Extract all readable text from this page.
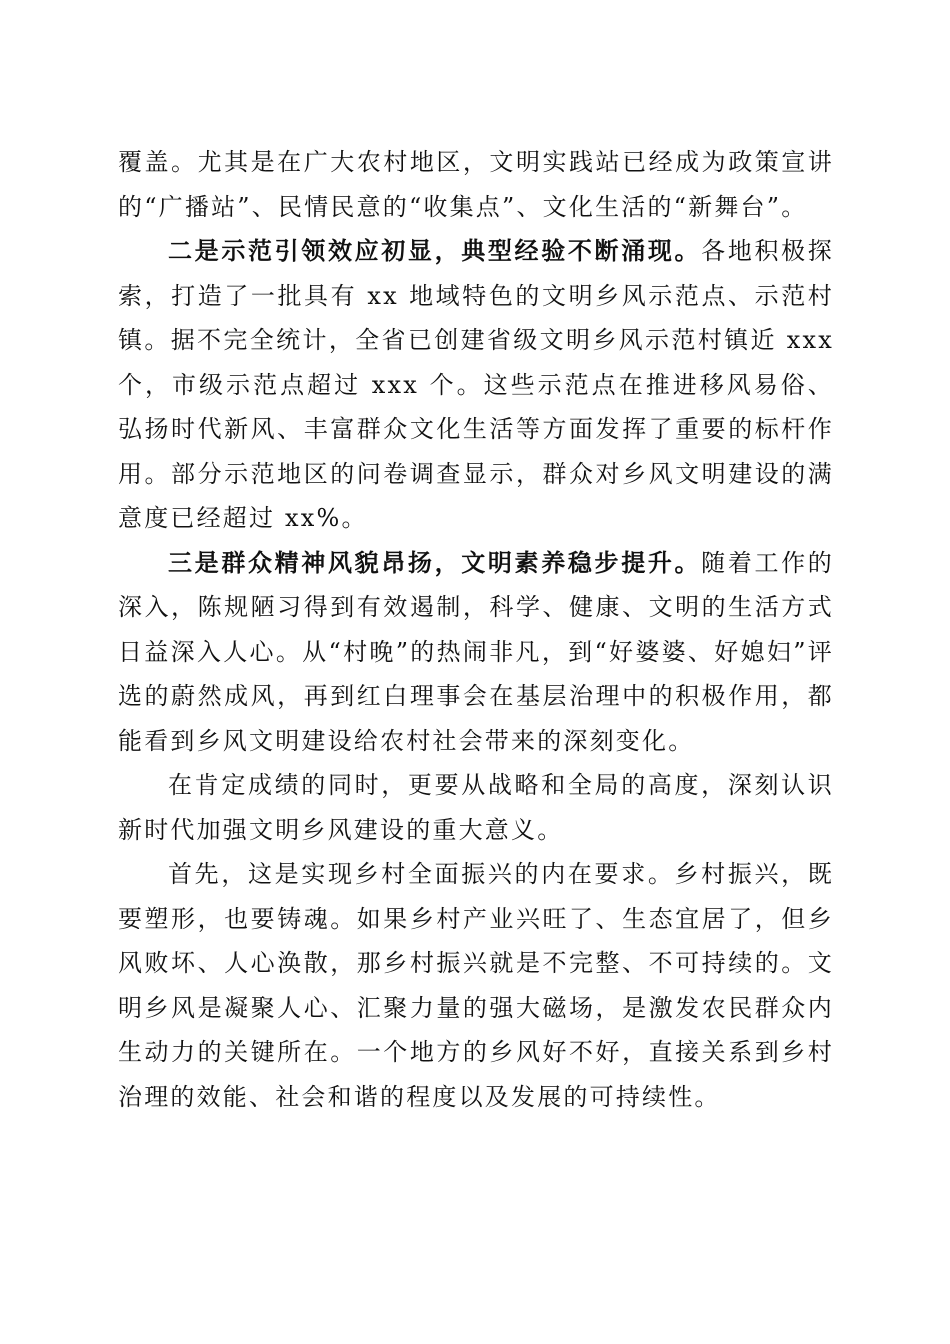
覆盖。尤其是在广大农村地区，文明实践站已经成为政策宣讲的“广播站”、民情民意的“收集点”、文化生活的“新舞台”。

二是示范引领效应初显，典型经验不断涌现。各地积极探索，打造了一批具有 xx 地域特色的文明乡风示范点、示范村镇。据不完全统计，全省已创建省级文明乡风示范村镇近 xxx 个，市级示范点超过 xxx 个。这些示范点在推进移风易俗、弘扬时代新风、丰富群众文化生活等方面发挥了重要的标杆作用。部分示范地区的问卷调查显示，群众对乡风文明建设的满意度已经超过 xx%。

三是群众精神风貌昂扬，文明素养稳步提升。随着工作的深入，陈规陋习得到有效遏制，科学、健康、文明的生活方式日益深入人心。从“村晚”的热闹非凡，到“好婆婆、好媳妇”评选的蔚然成风，再到红白理事会在基层治理中的积极作用，都能看到乡风文明建设给农村社会带来的深刻变化。

在肯定成绩的同时，更要从战略和全局的高度，深刻认识新时代加强文明乡风建设的重大意义。

首先，这是实现乡村全面振兴的内在要求。乡村振兴，既要塑形，也要铸魂。如果乡村产业兴旺了、生态宜居了，但乡风败坏、人心涣散，那乡村振兴就是不完整、不可持续的。文明乡风是凝聚人心、汇聚力量的强大磁场，是激发农民群众内生动力的关键所在。一个地方的乡风好不好，直接关系到乡村治理的效能、社会和谐的程度以及发展的可持续性。
